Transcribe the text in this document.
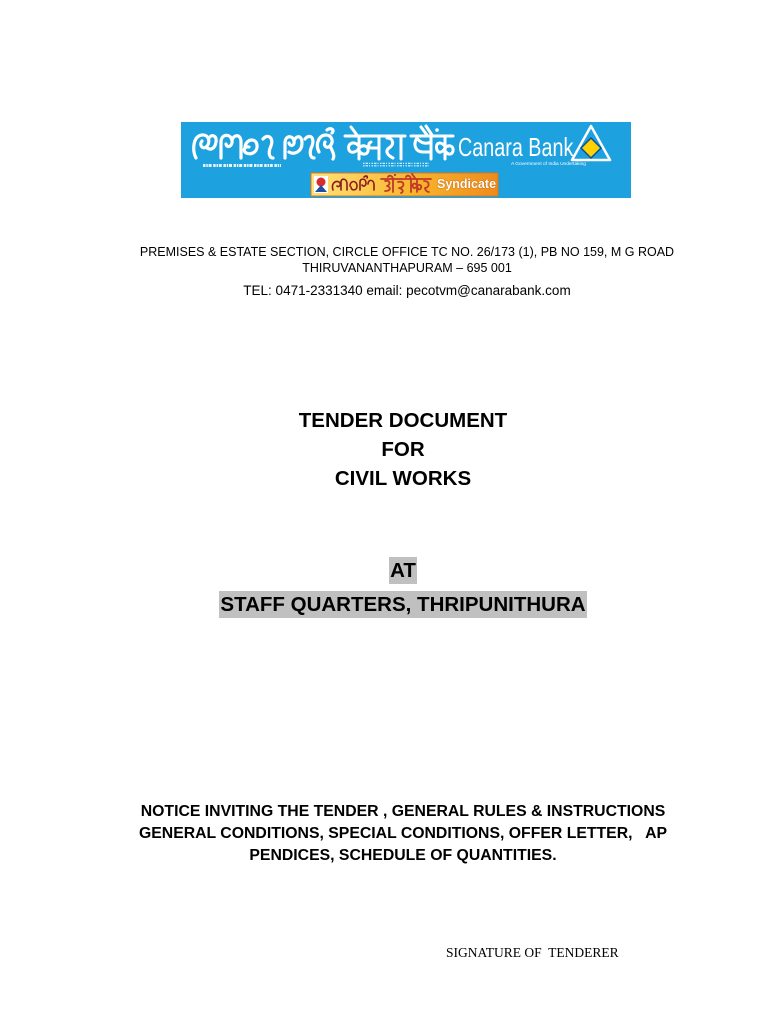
Canara Bank
A Government of India Undertaking
Syndicate
PREMISES & ESTATE SECTION, CIRCLE OFFICE TC NO. 26/173 (1), PB NO 159, M G ROAD
THIRUVANANTHAPURAM – 695 001
TEL: 0471-2331340 email: pecotvm@canarabank.com
TENDER DOCUMENT
FOR
CIVIL WORKS
AT
STAFF QUARTERS, THRIPUNITHURA
NOTICE INVITING THE TENDER , GENERAL RULES & INSTRUCTIONS
GENERAL CONDITIONS, SPECIAL CONDITIONS, OFFER LETTER,   AP
PENDICES, SCHEDULE OF QUANTITIES.
SIGNATURE OF  TENDERER
